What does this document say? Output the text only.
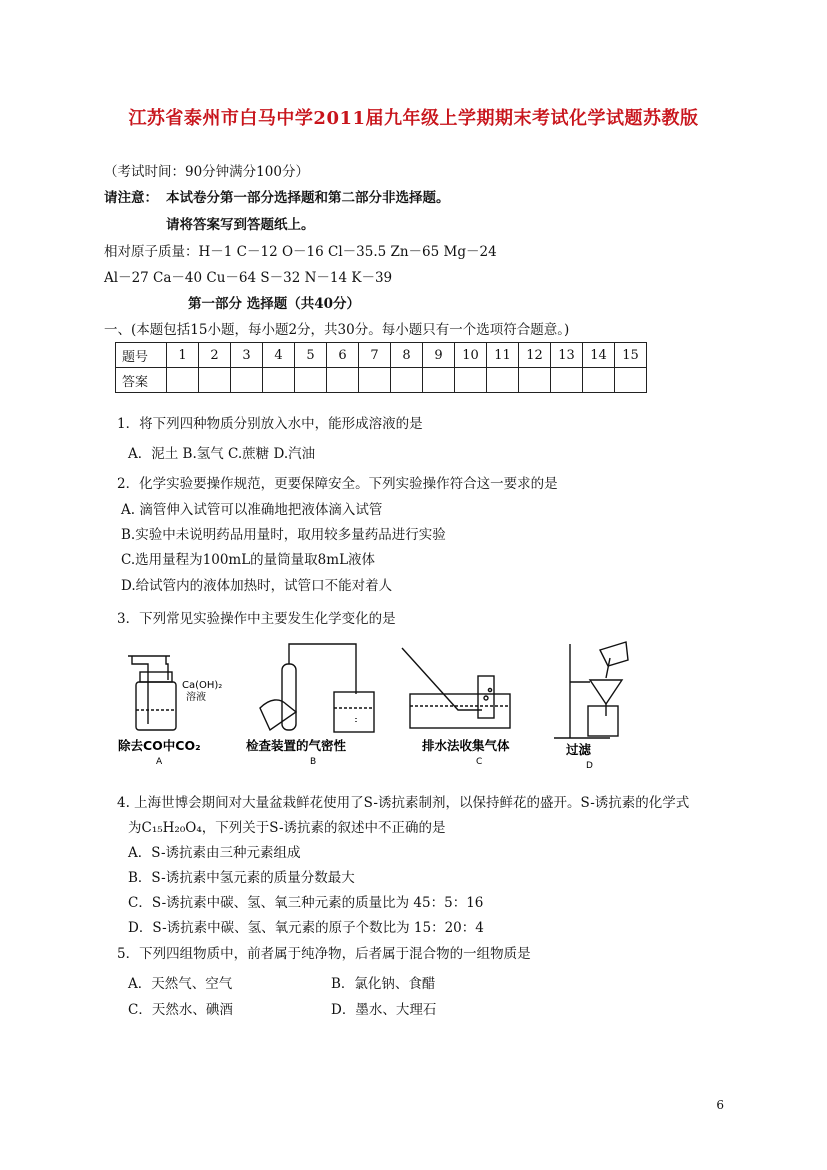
江苏省泰州市白马中学2011届九年级上学期期末考试化学试题苏教版
（考试时间：90分钟满分100分）
请注意： 本试卷分第一部分选择题和第二部分非选择题。
请将答案写到答题纸上。
相对原子质量：H－1 C－12 O－16 Cl－35.5 Zn－65 Mg－24
Al－27 Ca－40 Cu－64 S－32 N－14 K－39
第一部分 选择题（共40分）
一、(本题包括15小题，每小题2分，共30分。每小题只有一个选项符合题意。)
题号	1	2	3	4	5	6	7	8	9	10	11	12	13	14	15
答案															
1．将下列四种物质分别放入水中，能形成溶液的是
A．泥土 B.氢气 C.蔗糖 D.汽油
2．化学实验要操作规范，更要保障安全。下列实验操作符合这一要求的是
A. 滴管伸入试管可以准确地把液体滴入试管
B.实验中未说明药品用量时，取用较多量药品进行实验
C.选用量程为100mL的量筒量取8mL液体
D.给试管内的液体加热时，试管口不能对着人
3．下列常见实验操作中主要发生化学变化的是
Ca(OH)₂
溶液
除去CO中CO₂
A
检查装置的气密性
B
排水法收集气体
C
过滤
D
4. 上海世博会期间对大量盆栽鲜花使用了S-诱抗素制剂，以保持鲜花的盛开。S-诱抗素的化学式
为C₁₅H₂₀O₄，下列关于S-诱抗素的叙述中不正确的是
A．S-诱抗素由三种元素组成
B．S-诱抗素中氢元素的质量分数最大
C．S-诱抗素中碳、氢、氧三种元素的质量比为 45：5：16
D．S-诱抗素中碳、氢、氧元素的原子个数比为 15：20：4
5．下列四组物质中，前者属于纯净物，后者属于混合物的一组物质是
A．天然气、空气	B．氯化钠、食醋
C．天然水、碘酒	D．墨水、大理石
6
